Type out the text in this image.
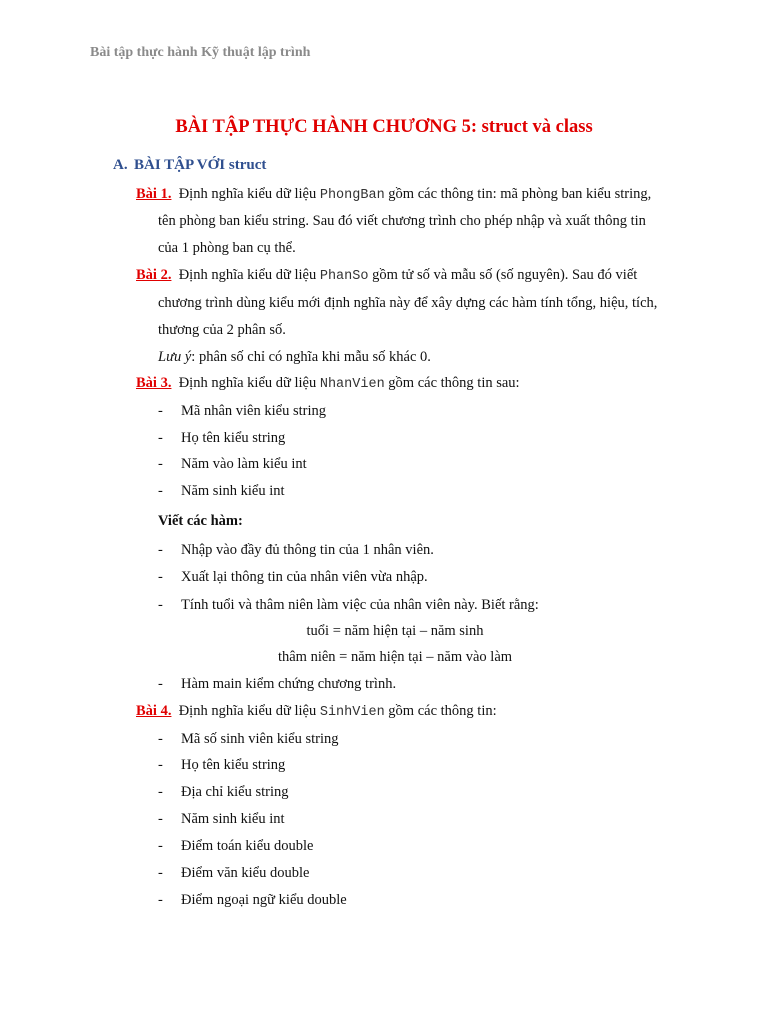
Bài tập thực hành Kỹ thuật lập trình
BÀI TẬP THỰC HÀNH CHƯƠNG 5: struct và class
A. BÀI TẬP VỚI struct
Bài 1. Định nghĩa kiểu dữ liệu PhongBan gồm các thông tin: mã phòng ban kiểu string,
tên phòng ban kiểu string. Sau đó viết chương trình cho phép nhập và xuất thông tin
của 1 phòng ban cụ thể.
Bài 2. Định nghĩa kiểu dữ liệu PhanSo gồm tử số và mẫu số (số nguyên). Sau đó viết
chương trình dùng kiểu mới định nghĩa này để xây dựng các hàm tính tổng, hiệu, tích,
thương của 2 phân số.
Lưu ý: phân số chỉ có nghĩa khi mẫu số khác 0.
Bài 3. Định nghĩa kiểu dữ liệu NhanVien gồm các thông tin sau:
- Mã nhân viên kiểu string
- Họ tên kiểu string
- Năm vào làm kiểu int
- Năm sinh kiểu int
Viết các hàm:
- Nhập vào đầy đủ thông tin của 1 nhân viên.
- Xuất lại thông tin của nhân viên vừa nhập.
- Tính tuổi và thâm niên làm việc của nhân viên này. Biết rằng:
tuổi = năm hiện tại – năm sinh
thâm niên = năm hiện tại – năm vào làm
- Hàm main kiểm chứng chương trình.
Bài 4. Định nghĩa kiểu dữ liệu SinhVien gồm các thông tin:
- Mã số sinh viên kiểu string
- Họ tên kiểu string
- Địa chỉ kiểu string
- Năm sinh kiểu int
- Điểm toán kiểu double
- Điểm văn kiểu double
- Điểm ngoại ngữ kiểu double
